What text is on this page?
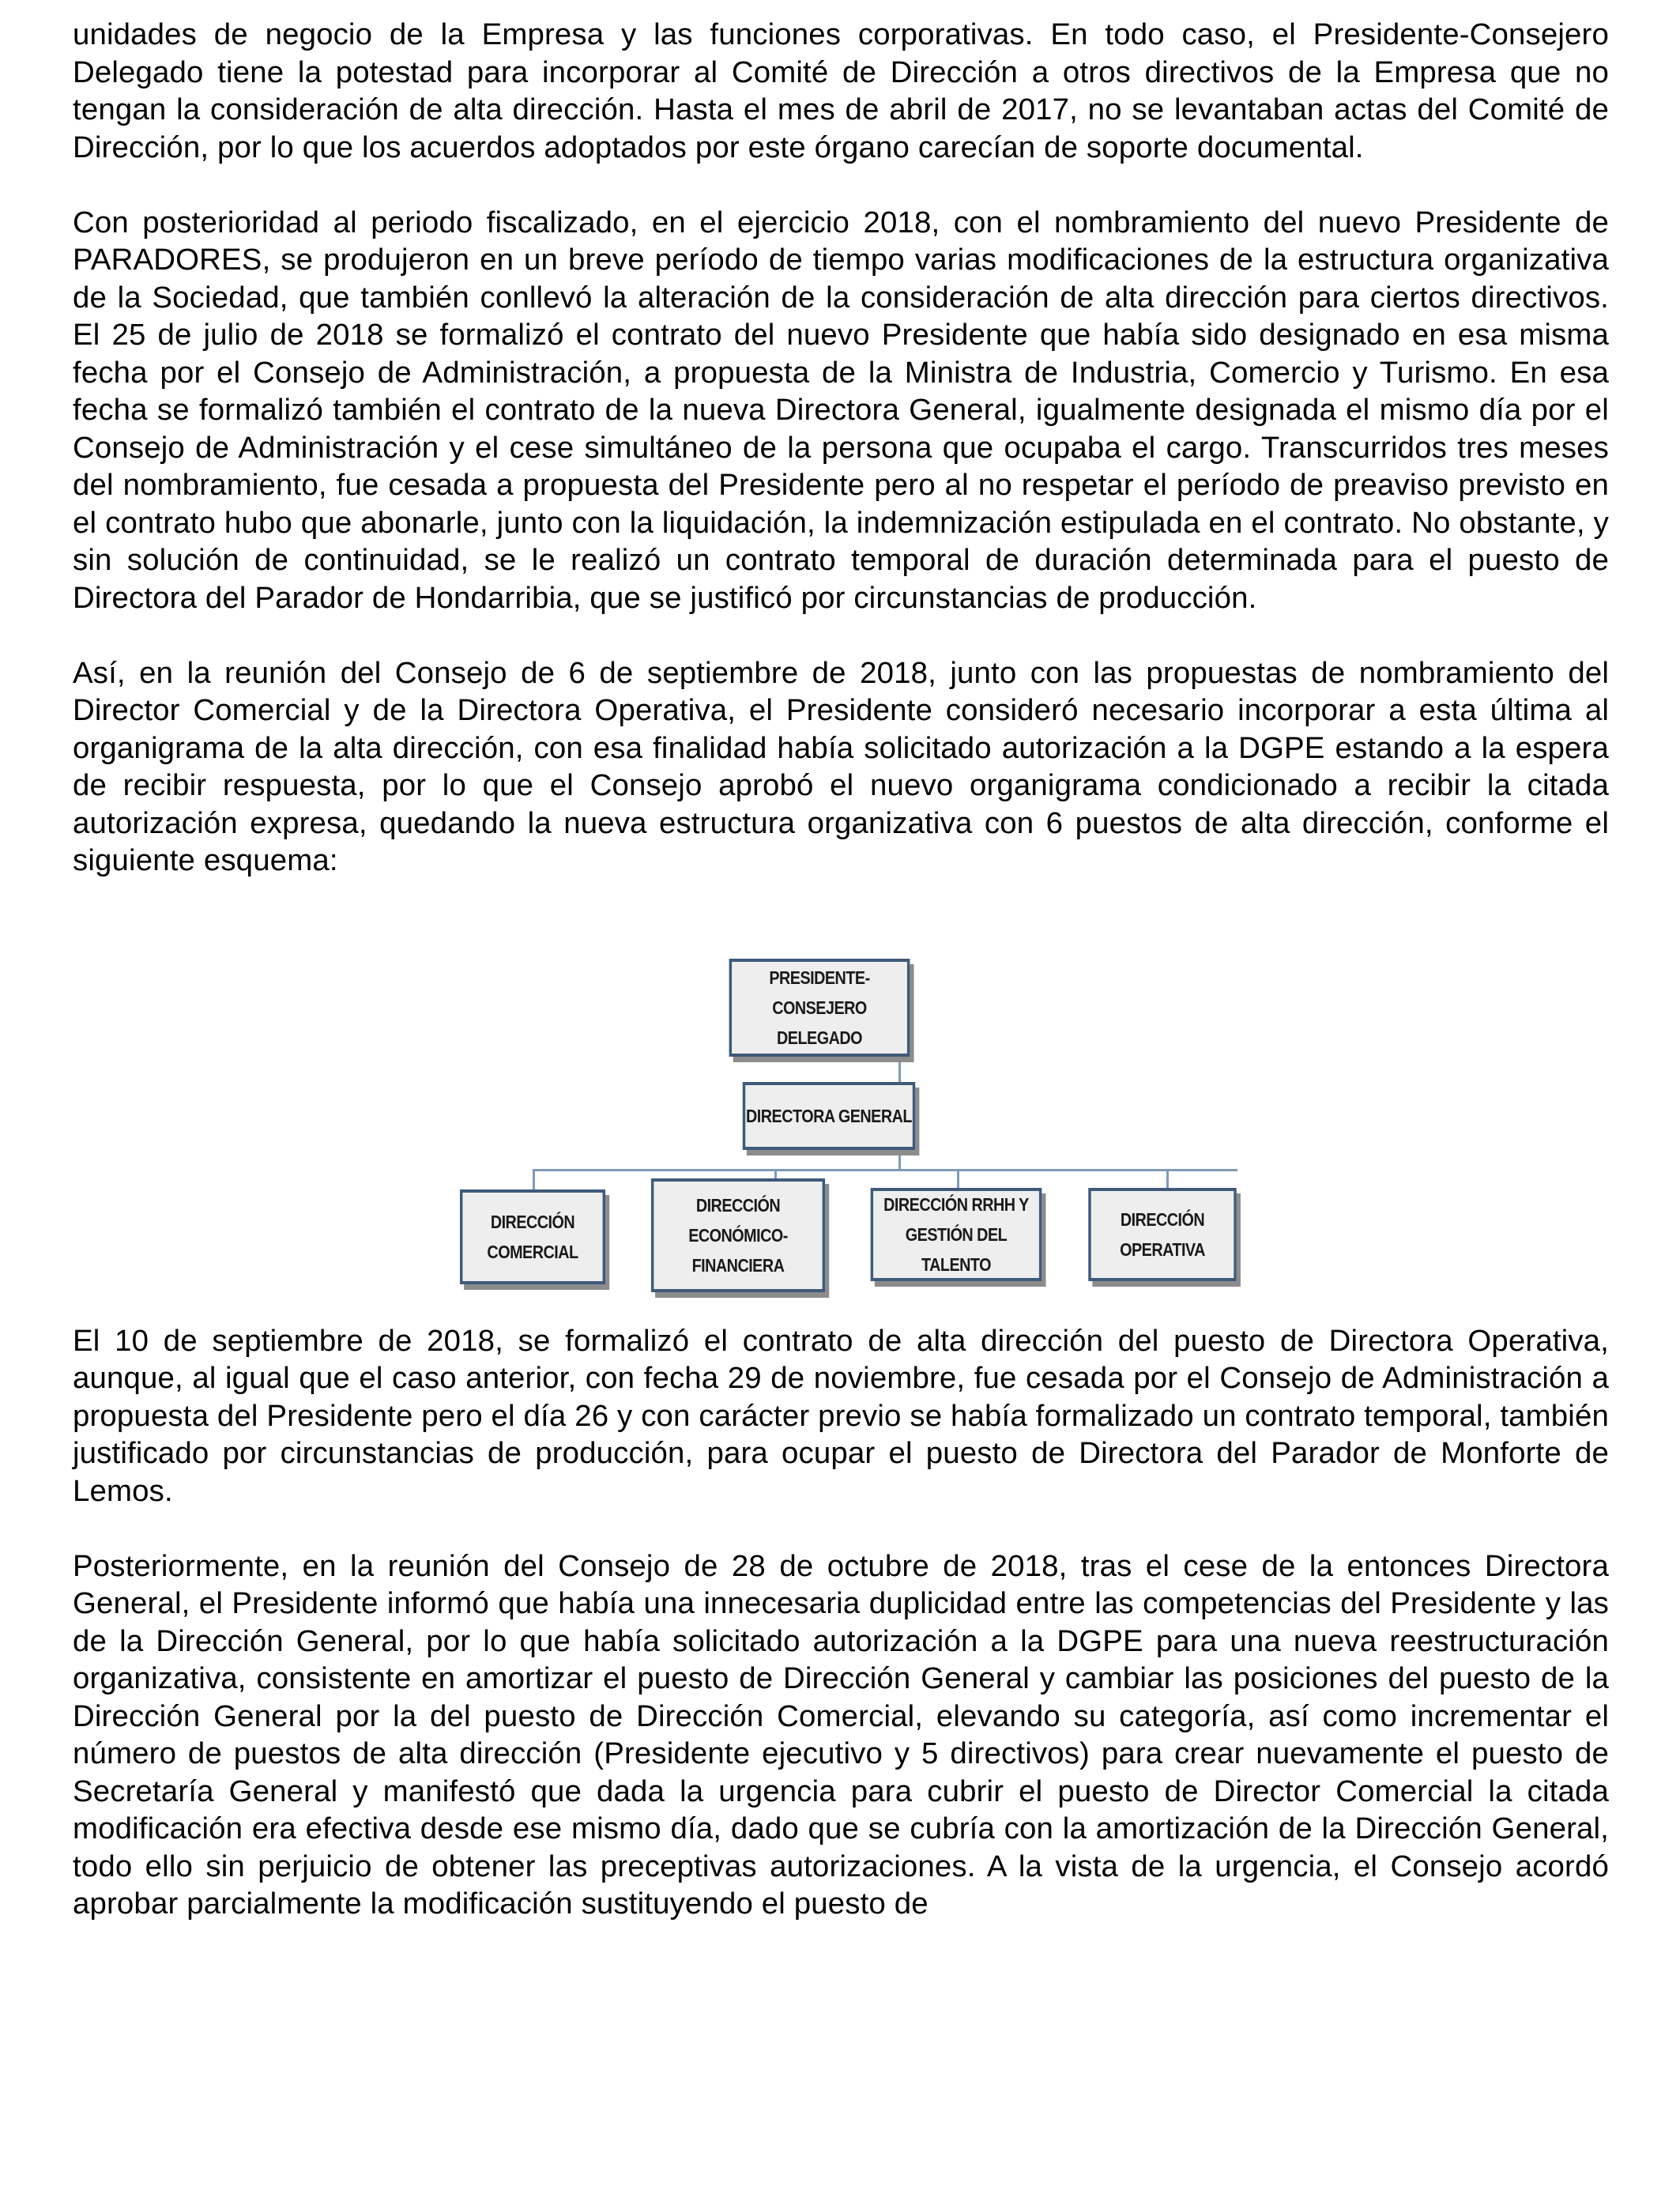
unidades de negocio de la Empresa y las funciones corporativas. En todo caso, el Presidente-Consejero Delegado tiene la potestad para incorporar al Comité de Dirección a otros directivos de la Empresa que no tengan la consideración de alta dirección. Hasta el mes de abril de 2017, no se levantaban actas del Comité de Dirección, por lo que los acuerdos adoptados por este órgano carecían de soporte documental.

Con posterioridad al periodo fiscalizado, en el ejercicio 2018, con el nombramiento del nuevo Presidente de PARADORES, se produjeron en un breve período de tiempo varias modificaciones de la estructura organizativa de la Sociedad, que también conllevó la alteración de la consideración de alta dirección para ciertos directivos. El 25 de julio de 2018 se formalizó el contrato del nuevo Presidente que había sido designado en esa misma fecha por el Consejo de Administración, a propuesta de la Ministra de Industria, Comercio y Turismo. En esa fecha se formalizó también el contrato de la nueva Directora General, igualmente designada el mismo día por el Consejo de Administración y el cese simultáneo de la persona que ocupaba el cargo. Transcurridos tres meses del nombramiento, fue cesada a propuesta del Presidente pero al no respetar el período de preaviso previsto en el contrato hubo que abonarle, junto con la liquidación, la indemnización estipulada en el contrato. No obstante, y sin solución de continuidad, se le realizó un contrato temporal de duración determinada para el puesto de Directora del Parador de Hondarribia, que se justificó por circunstancias de producción.

Así, en la reunión del Consejo de 6 de septiembre de 2018, junto con las propuestas de nombramiento del Director Comercial y de la Directora Operativa, el Presidente consideró necesario incorporar a esta última al organigrama de la alta dirección, con esa finalidad había solicitado autorización a la DGPE estando a la espera de recibir respuesta, por lo que el Consejo aprobó el nuevo organigrama condicionado a recibir la citada autorización expresa, quedando la nueva estructura organizativa con 6 puestos de alta dirección, conforme el siguiente esquema:

PRESIDENTE-CONSEJERO
DELEGADO
DIRECTORA GENERAL
DIRECCIÓN
COMERCIAL
DIRECCIÓN
ECONÓMICO-
FINANCIERA
DIRECCIÓN RRHH Y
GESTIÓN DEL TALENTO
DIRECCIÓN
OPERATIVA

El 10 de septiembre de 2018, se formalizó el contrato de alta dirección del puesto de Directora Operativa, aunque, al igual que el caso anterior, con fecha 29 de noviembre, fue cesada por el Consejo de Administración a propuesta del Presidente pero el día 26 y con carácter previo se había formalizado un contrato temporal, también justificado por circunstancias de producción, para ocupar el puesto de Directora del Parador de Monforte de Lemos.

Posteriormente, en la reunión del Consejo de 28 de octubre de 2018, tras el cese de la entonces Directora General, el Presidente informó que había una innecesaria duplicidad entre las competencias del Presidente y las de la Dirección General, por lo que había solicitado autorización a la DGPE para una nueva reestructuración organizativa, consistente en amortizar el puesto de Dirección General y cambiar las posiciones del puesto de la Dirección General por la del puesto de Dirección Comercial, elevando su categoría, así como incrementar el número de puestos de alta dirección (Presidente ejecutivo y 5 directivos) para crear nuevamente el puesto de Secretaría General y manifestó que dada la urgencia para cubrir el puesto de Director Comercial la citada modificación era efectiva desde ese mismo día, dado que se cubría con la amortización de la Dirección General, todo ello sin perjuicio de obtener las preceptivas autorizaciones. A la vista de la urgencia, el Consejo acordó aprobar parcialmente la modificación sustituyendo el puesto de
